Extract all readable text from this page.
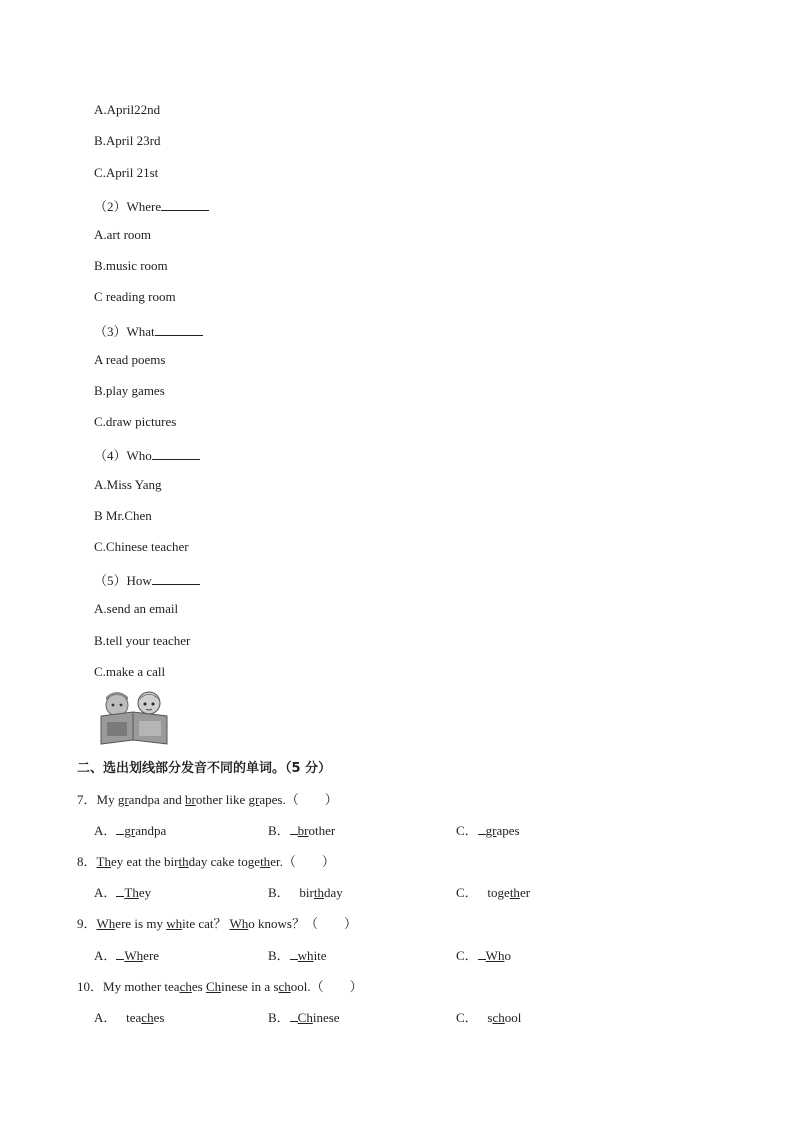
A.April22nd
B.April 23rd
C.April 21st
（2）Where
A.art room
B.music room
C reading room
（3）What
A read poems
B.play games
C.draw pictures
（4）Who
A.Miss Yang
B Mr.Chen
C.Chinese teacher
（5）How
A.send an email
B.tell your teacher
C.make a call
二、选出划线部分发音不同的单词。（5 分）
7．My grandpa and brother like grapes.（　　）
A． grandpa	B． brother	C． grapes
8．They eat the birthday cake together.（　　）
A． They	B． birthday	C． together
9．Where is my white cat？ Who knows？（　　）
A． Where	B． white	C． Who
10．My mother teaches Chinese in a school.（　　）
A． teaches	B． Chinese	C． school
